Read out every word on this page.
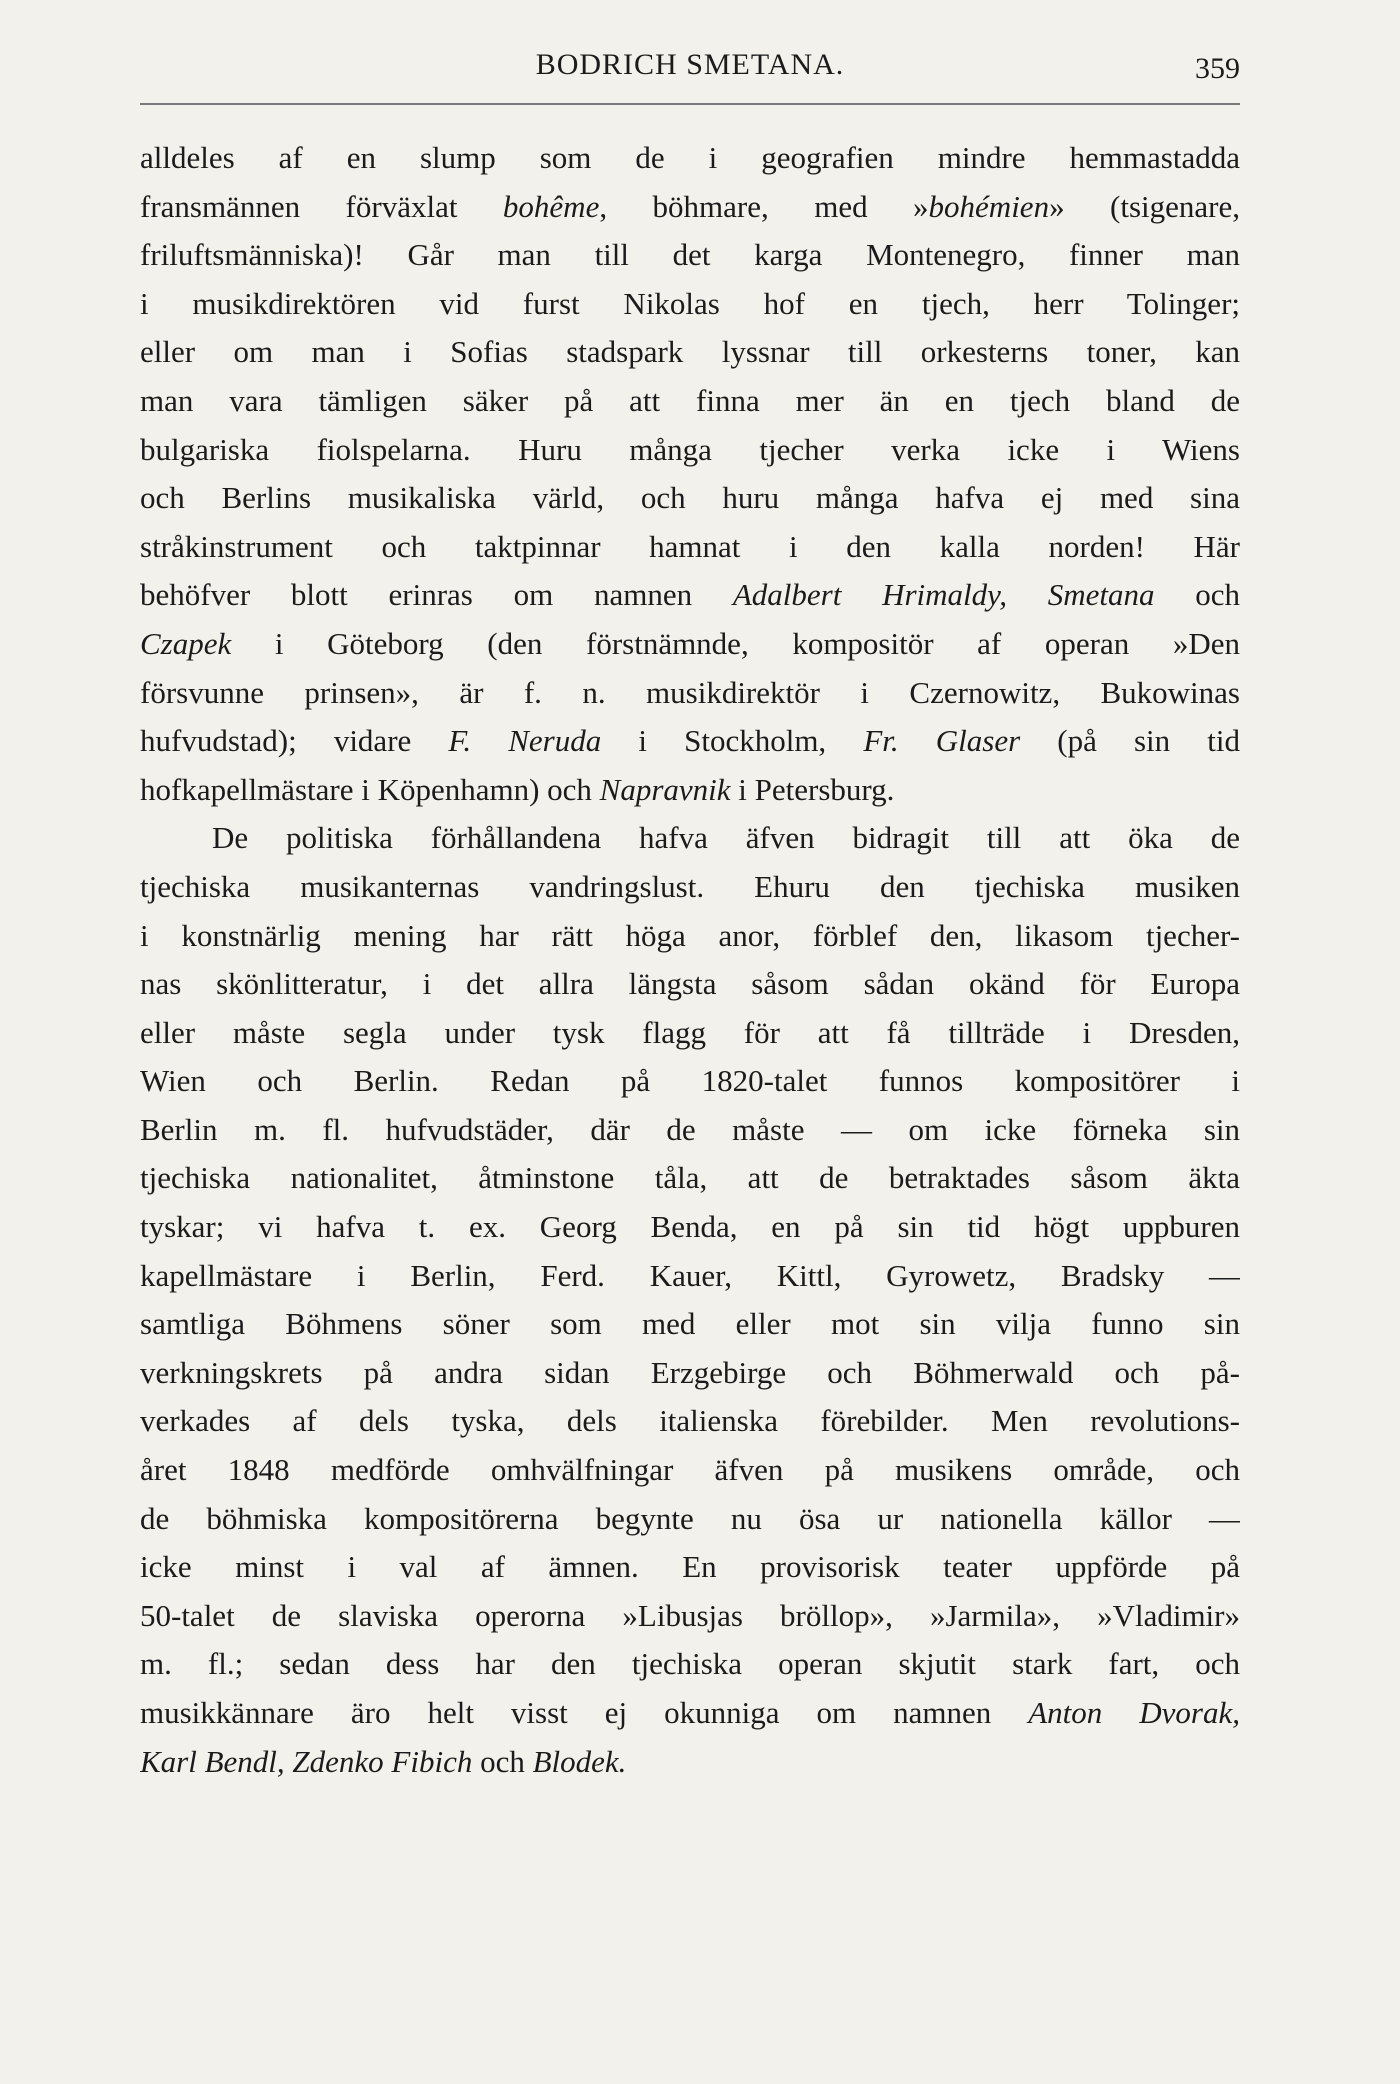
BODRICH SMETANA.	359
alldeles af en slump som de i geografien mindre hemmastadda
fransmännen förväxlat bohême, böhmare, med »bohémien» (tsigenare,
friluftsmänniska)! Går man till det karga Montenegro, finner man
i musikdirektören vid furst Nikolas hof en tjech, herr Tolinger;
eller om man i Sofias stadspark lyssnar till orkesterns toner, kan
man vara tämligen säker på att finna mer än en tjech bland de
bulgariska fiolspelarna. Huru många tjecher verka icke i Wiens
och Berlins musikaliska värld, och huru många hafva ej med sina
stråkinstrument och taktpinnar hamnat i den kalla norden! Här
behöfver blott erinras om namnen Adalbert Hrimaldy, Smetana och
Czapek i Göteborg (den förstnämnde, kompositör af operan »Den
försvunne prinsen», är f. n. musikdirektör i Czernowitz, Bukowinas
hufvudstad); vidare F. Neruda i Stockholm, Fr. Glaser (på sin tid
hofkapellmästare i Köpenhamn) och Napravnik i Petersburg.
De politiska förhållandena hafva äfven bidragit till att öka de
tjechiska musikanternas vandringslust. Ehuru den tjechiska musiken
i konstnärlig mening har rätt höga anor, förblef den, likasom tjecher-
nas skönlitteratur, i det allra längsta såsom sådan okänd för Europa
eller måste segla under tysk flagg för att få tillträde i Dresden,
Wien och Berlin. Redan på 1820-talet funnos kompositörer i
Berlin m. fl. hufvudstäder, där de måste — om icke förneka sin
tjechiska nationalitet, åtminstone tåla, att de betraktades såsom äkta
tyskar; vi hafva t. ex. Georg Benda, en på sin tid högt uppburen
kapellmästare i Berlin, Ferd. Kauer, Kittl, Gyrowetz, Bradsky —
samtliga Böhmens söner som med eller mot sin vilja funno sin
verkningskrets på andra sidan Erzgebirge och Böhmerwald och på-
verkades af dels tyska, dels italienska förebilder. Men revolutions-
året 1848 medförde omhvälfningar äfven på musikens område, och
de böhmiska kompositörerna begynte nu ösa ur nationella källor —
icke minst i val af ämnen. En provisorisk teater uppförde på
50-talet de slaviska operorna »Libusjas bröllop», »Jarmila», »Vladimir»
m. fl.; sedan dess har den tjechiska operan skjutit stark fart, och
musikkännare äro helt visst ej okunniga om namnen Anton Dvorak,
Karl Bendl, Zdenko Fibich och Blodek.
